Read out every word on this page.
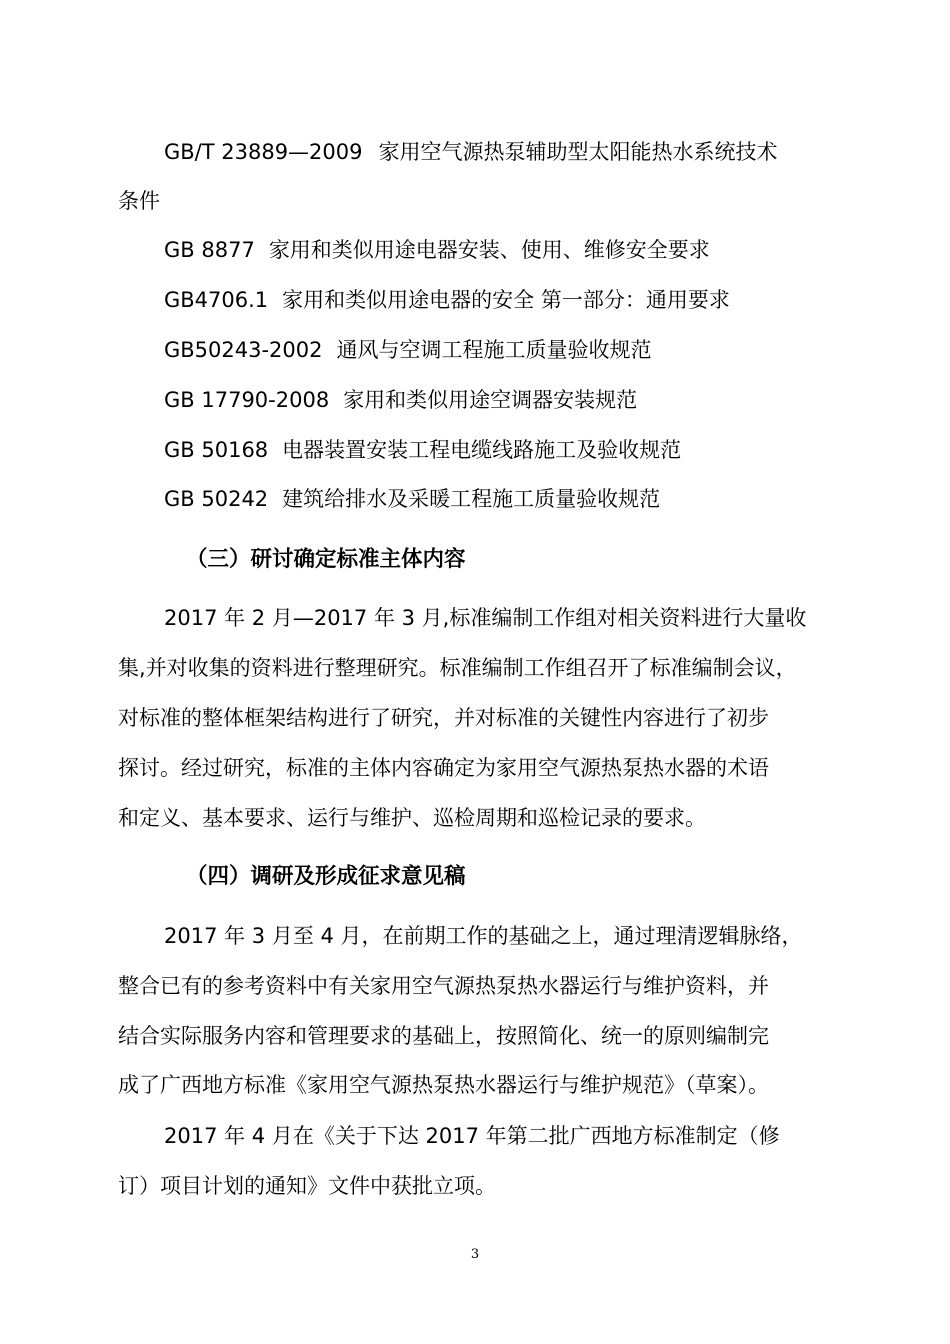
GB/T 23889—2009 家用空气源热泵辅助型太阳能热水系统技术
条件
GB 8877 家用和类似用途电器安装、使用、维修安全要求
GB4706.1 家用和类似用途电器的安全 第一部分：通用要求
GB50243-2002 通风与空调工程施工质量验收规范
GB 17790-2008 家用和类似用途空调器安装规范
GB 50168 电器装置安装工程电缆线路施工及验收规范
GB 50242 建筑给排水及采暖工程施工质量验收规范
（三）研讨确定标准主体内容
2017 年 2 月—2017 年 3 月,标准编制工作组对相关资料进行大量收
集,并对收集的资料进行整理研究。标准编制工作组召开了标准编制会议，
对标准的整体框架结构进行了研究，并对标准的关键性内容进行了初步
探讨。经过研究，标准的主体内容确定为家用空气源热泵热水器的术语
和定义、基本要求、运行与维护、巡检周期和巡检记录的要求。
（四）调研及形成征求意见稿
2017 年 3 月至 4 月，在前期工作的基础之上，通过理清逻辑脉络，
整合已有的参考资料中有关家用空气源热泵热水器运行与维护资料，并
结合实际服务内容和管理要求的基础上，按照简化、统一的原则编制完
成了广西地方标准《家用空气源热泵热水器运行与维护规范》（草案）。
2017 年 4 月在《关于下达 2017 年第二批广西地方标准制定（修
订）项目计划的通知》文件中获批立项。
3
